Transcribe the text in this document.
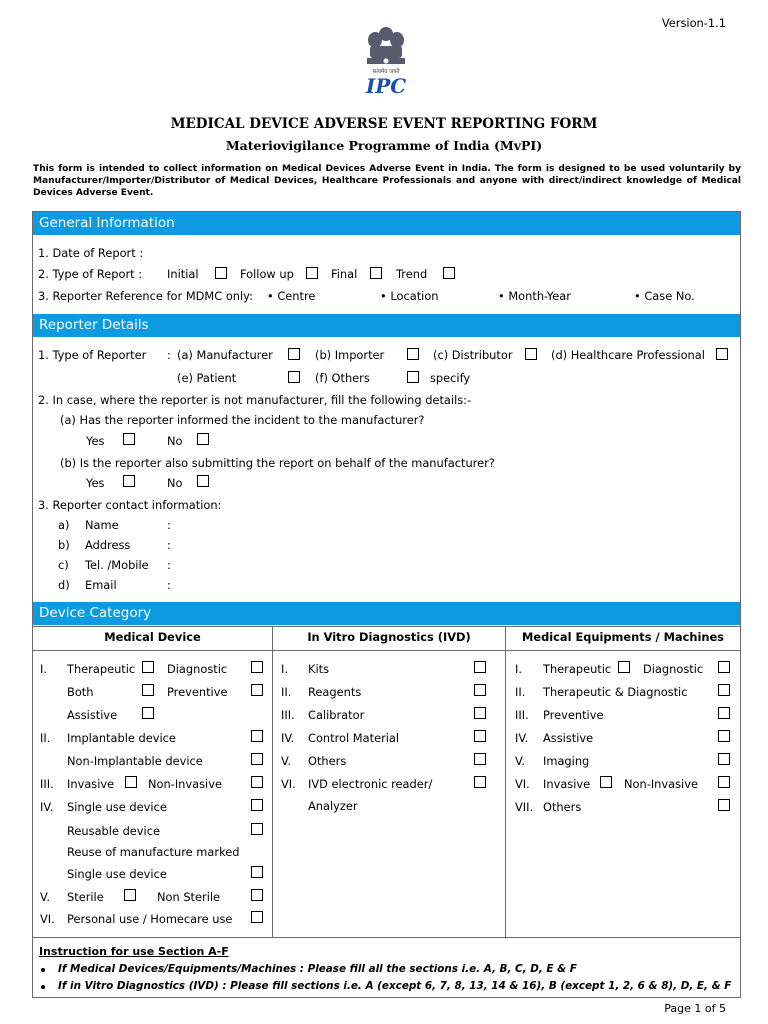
Version-1.1
सत्यमेव जयते
IPC
MEDICAL DEVICE ADVERSE EVENT REPORTING FORM
Materiovigilance Programme of India (MvPI)
This form is intended to collect information on Medical Devices Adverse Event in India. The form is designed to be used voluntarily by Manufacturer/Importer/Distributor of Medical Devices, Healthcare Professionals and anyone with direct/indirect knowledge of Medical Devices Adverse Event.
General Information
1. Date of Report :
2. Type of Report : Initial	Follow up	Final	Trend
3. Reporter Reference for MDMC only: • Centre	• Location	• Month-Year	• Case No.
Reporter Details
1. Type of Reporter : (a) Manufacturer	(b) Importer	(c) Distributor	(d) Healthcare Professional
(e) Patient	(f) Others	specify
2. In case, where the reporter is not manufacturer, fill the following details:-
(a) Has the reporter informed the incident to the manufacturer?
Yes	No
(b) Is the reporter also submitting the report on behalf of the manufacturer?
Yes	No
3. Reporter contact information:
a) Name	:
b) Address	:
c) Tel. /Mobile :
d) Email	:
Device Category
Medical Device	In Vitro Diagnostics (IVD)	Medical Equipments / Machines
I. Therapeutic	Diagnostic
Both	Preventive
Assistive
II. Implantable device
Non-Implantable device
III. Invasive	Non-Invasive
IV. Single use device
Reusable device
Reuse of manufacture marked
Single use device
V. Sterile	Non Sterile
VI. Personal use / Homecare use
I. Kits
II. Reagents
III. Calibrator
IV. Control Material
V. Others
VI. IVD electronic reader/
Analyzer
I. Therapeutic	Diagnostic
II. Therapeutic & Diagnostic
III. Preventive
IV. Assistive
V. Imaging
VI. Invasive	Non-Invasive
VII. Others
Instruction for use Section A-F
If Medical Devices/Equipments/Machines : Please fill all the sections i.e. A, B, C, D, E & F
If in Vitro Diagnostics (IVD) : Please fill sections i.e. A (except 6, 7, 8, 13, 14 & 16), B (except 1, 2, 6 & 8), D, E, & F
Page 1 of 5
